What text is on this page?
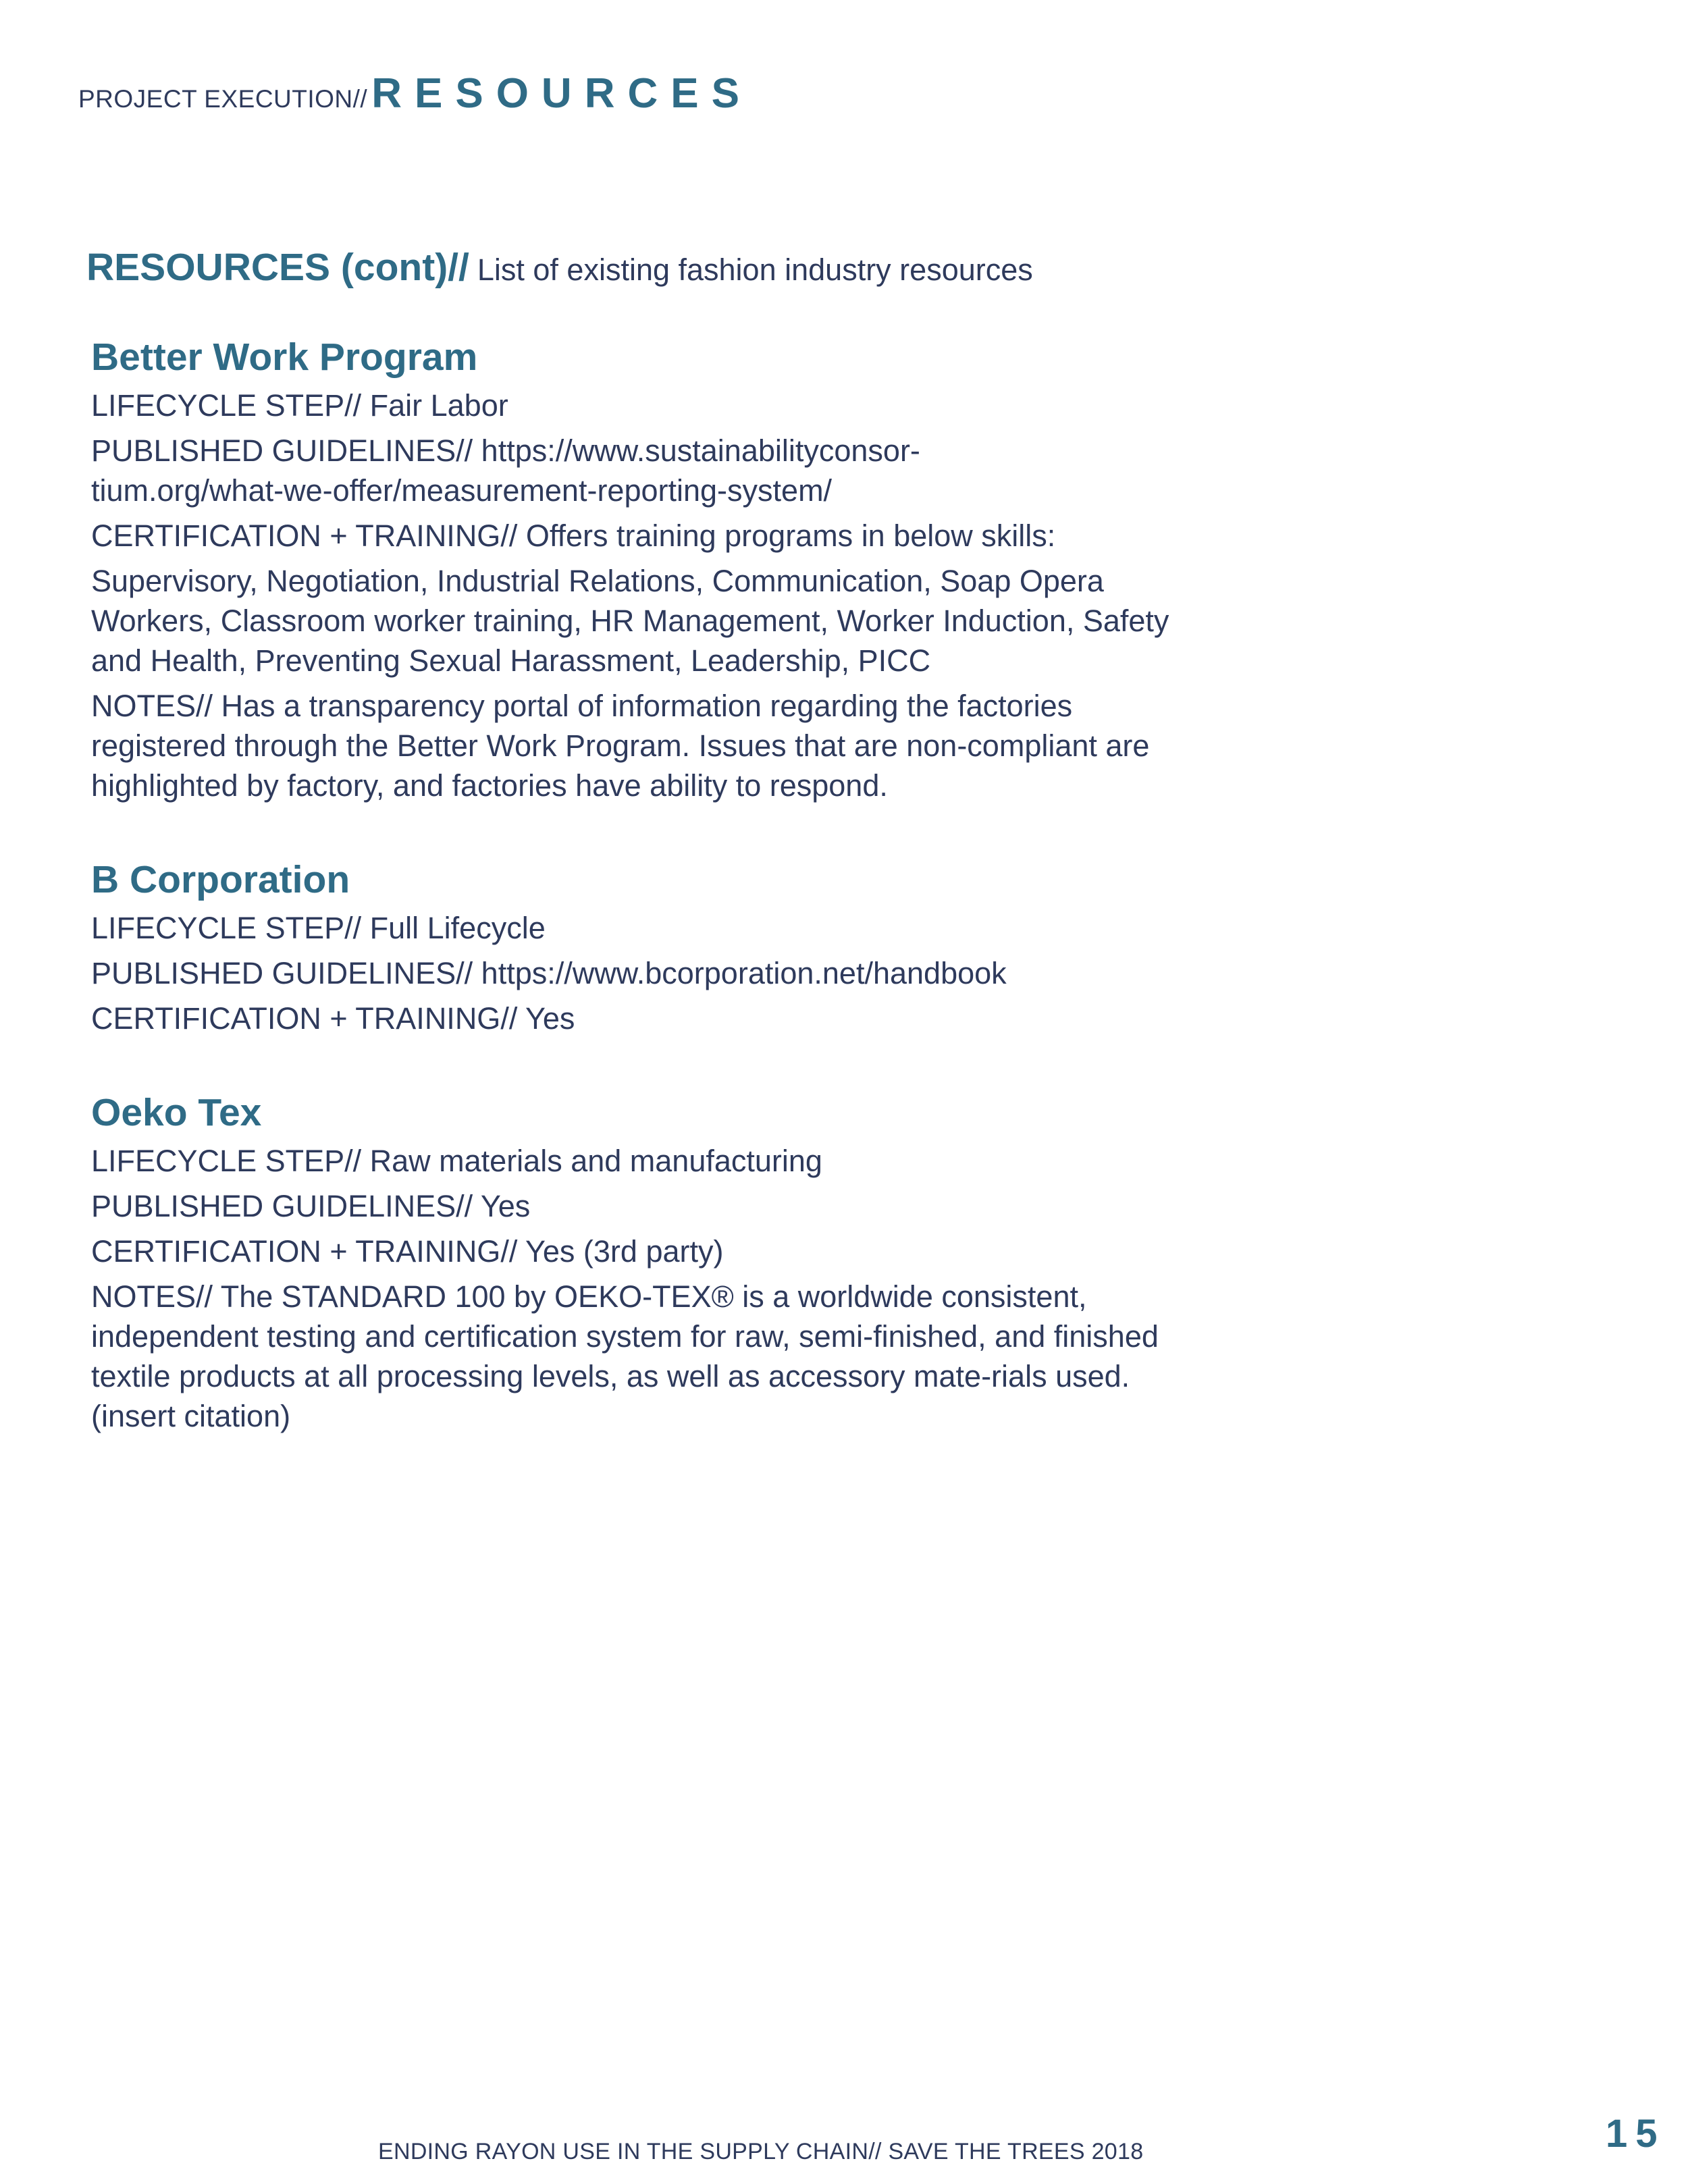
PROJECT EXECUTION//RESOURCES
RESOURCES (cont)// List of existing fashion industry resources
Better Work Program

LIFECYCLE STEP// Fair Labor

PUBLISHED GUIDELINES// https://www.sustainabilityconsor-tium.org/what-we-offer/measurement-reporting-system/

CERTIFICATION + TRAINING// Offers training programs in below skills:

Supervisory, Negotiation, Industrial Relations, Communication, Soap Opera Workers, Classroom worker training, HR Management, Worker Induction, Safety and Health, Preventing Sexual Harassment, Leadership, PICC

NOTES// Has a transparency portal of information regarding the factories registered through the Better Work Program. Issues that are non-compliant are highlighted by factory, and factories have ability to respond.

B Corporation

LIFECYCLE STEP// Full Lifecycle

PUBLISHED GUIDELINES// https://www.bcorporation.net/handbook

CERTIFICATION + TRAINING// Yes

Oeko Tex

LIFECYCLE STEP// Raw materials and manufacturing

PUBLISHED GUIDELINES// Yes

CERTIFICATION + TRAINING// Yes (3rd party)

NOTES// The STANDARD 100 by OEKO-TEX® is a worldwide consistent, independent testing and certification system for raw, semi-finished, and finished textile products at all processing levels, as well as accessory mate-rials used. (insert citation)

ENDING RAYON USE IN THE SUPPLY CHAIN// SAVE THE TREES 2018	15
